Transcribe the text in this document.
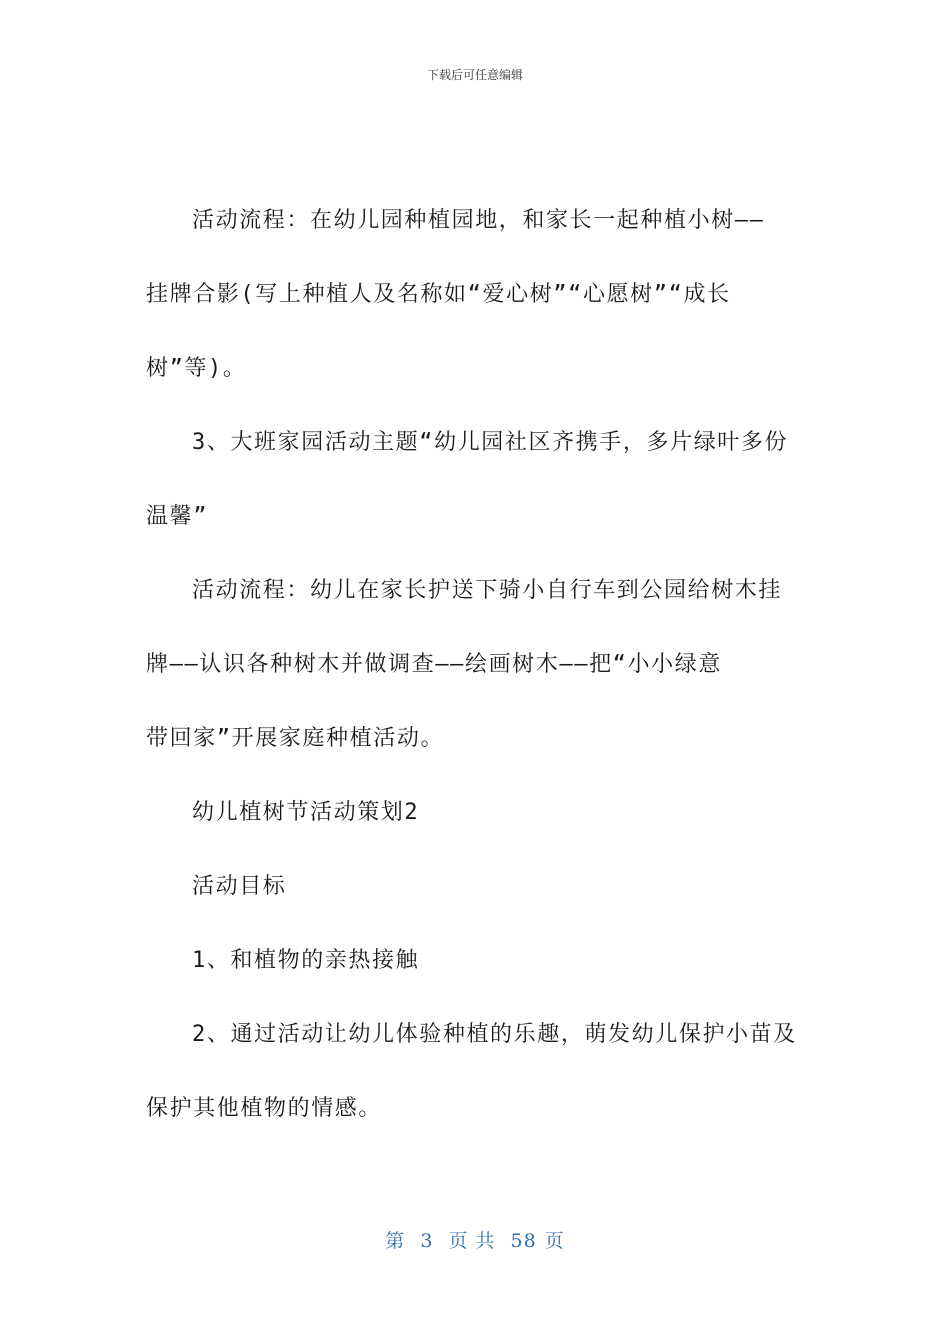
下载后可任意编辑
活动流程：在幼儿园种植园地，和家长一起种植小树——
挂牌合影(写上种植人及名称如“爱心树”“心愿树”“成长
树”等)。
3、大班家园活动主题“幼儿园社区齐携手，多片绿叶多份
温馨”
活动流程：幼儿在家长护送下骑小自行车到公园给树木挂
牌——认识各种树木并做调查——绘画树木——把“小小绿意
带回家”开展家庭种植活动。
幼儿植树节活动策划2
活动目标
1、和植物的亲热接触
2、通过活动让幼儿体验种植的乐趣，萌发幼儿保护小苗及
保护其他植物的情感。
第 3 页 共 58 页
